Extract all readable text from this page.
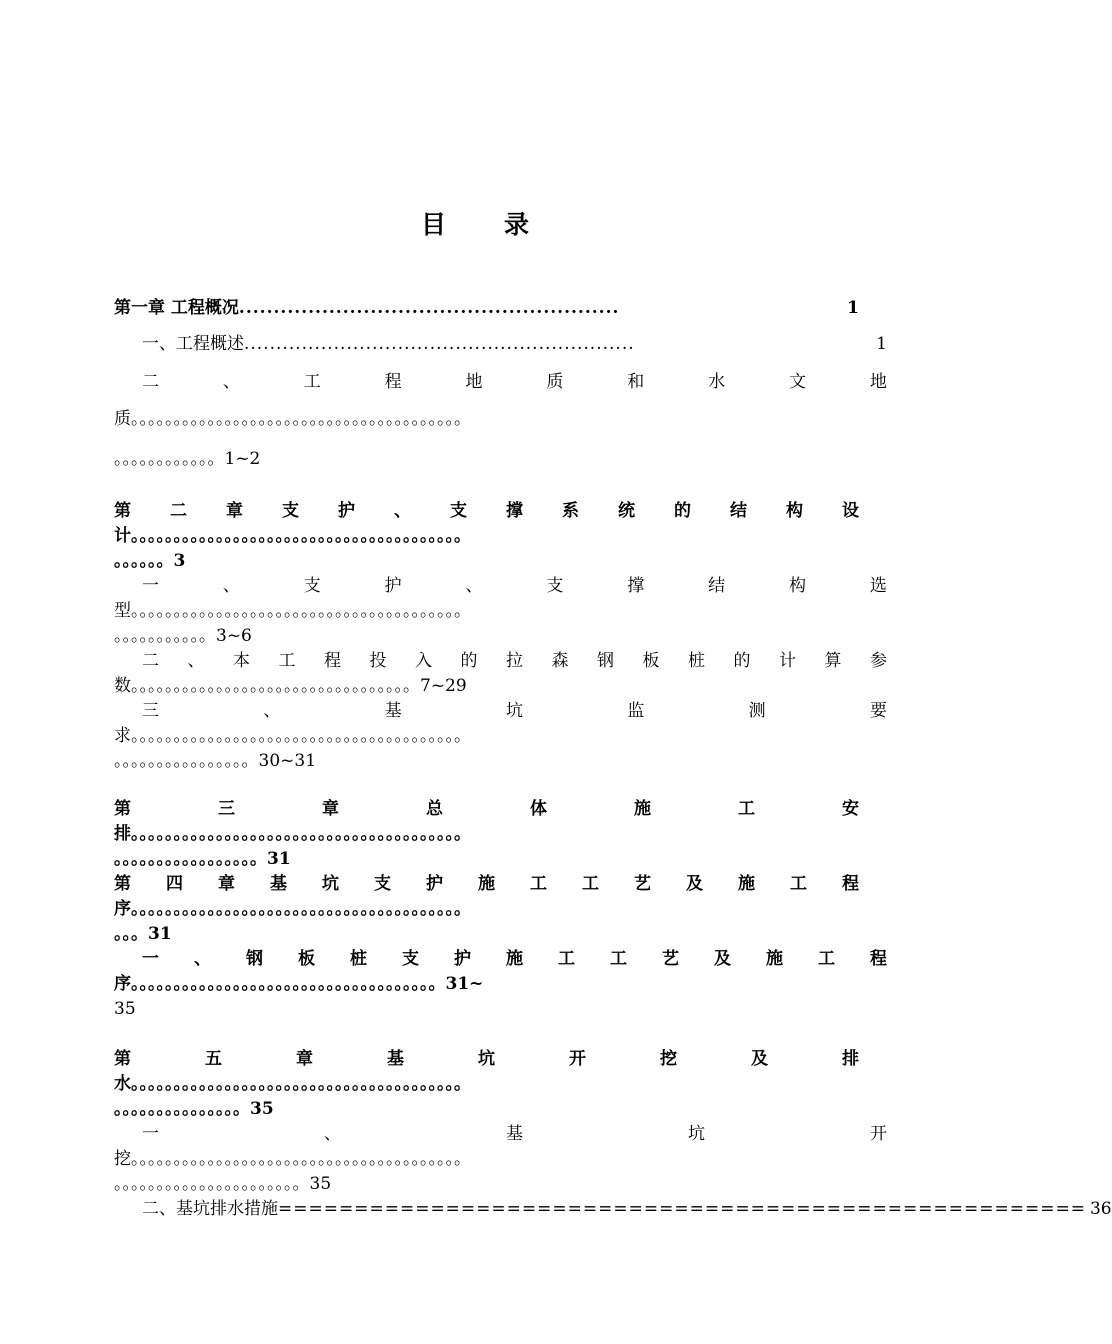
目 录
第一章 工程概况 .......................................................	1
一、工程概述 .............................................................	1
二	、	工	程	地	质	和	水	文	地
质。。。。。。。。。。。。。。。。。。。。。。。。。。。。。。。。。。。。。。。
。。。。。。。。。。。。1~2
第 二 章 支 护 、 支 撑 系 统 的 结 构 设
计。。。。。。。。。。。。。。。。。。。。。。。。。。。。。。。。。。。。。。。
。。。。。。3
一	、	支	护	、	支	撑	结	构	选
型。。。。。。。。。。。。。。。。。。。。。。。。。。。。。。。。。。。。。。。
。。。。。。。。。。。3~6
二 、 本 工 程 投 入 的 拉 森 钢 板 桩 的 计 算 参
数。。。。。。。。。。。。。。。。。。。。。。。。。。。。。。。。。7~29
三	、	基	坑	监	测	要
求。。。。。。。。。。。。。。。。。。。。。。。。。。。。。。。。。。。。。。。
。。。。。。。。。。。。。。。。30~31
第	三	章	总	体	施	工	安
排。。。。。。。。。。。。。。。。。。。。。。。。。。。。。。。。。。。。。。。
。。。。。。。。。。。。。。。。。31
第 四 章 基 坑 支 护 施 工 工 艺 及 施 工 程
序。。。。。。。。。。。。。。。。。。。。。。。。。。。。。。。。。。。。。。。
。。。31
一 、 钢 板 桩 支 护 施 工 工 艺 及 施 工 程
序。。。。。。。。。。。。。。。。。。。。。。。。。。。。。。。。。。。。31~
35
第	五	章	基	坑	开	挖	及	排
水。。。。。。。。。。。。。。。。。。。。。。。。。。。。。。。。。。。。。。。
。。。。。。。。。。。。。。。35
一	、	基	坑	开
挖。。。。。。。。。。。。。。。。。。。。。。。。。。。。。。。。。。。。。。。
。。。。。。。。。。。。。。。。。。。。。。35
二、基坑排水措施 ===================================================== 36
